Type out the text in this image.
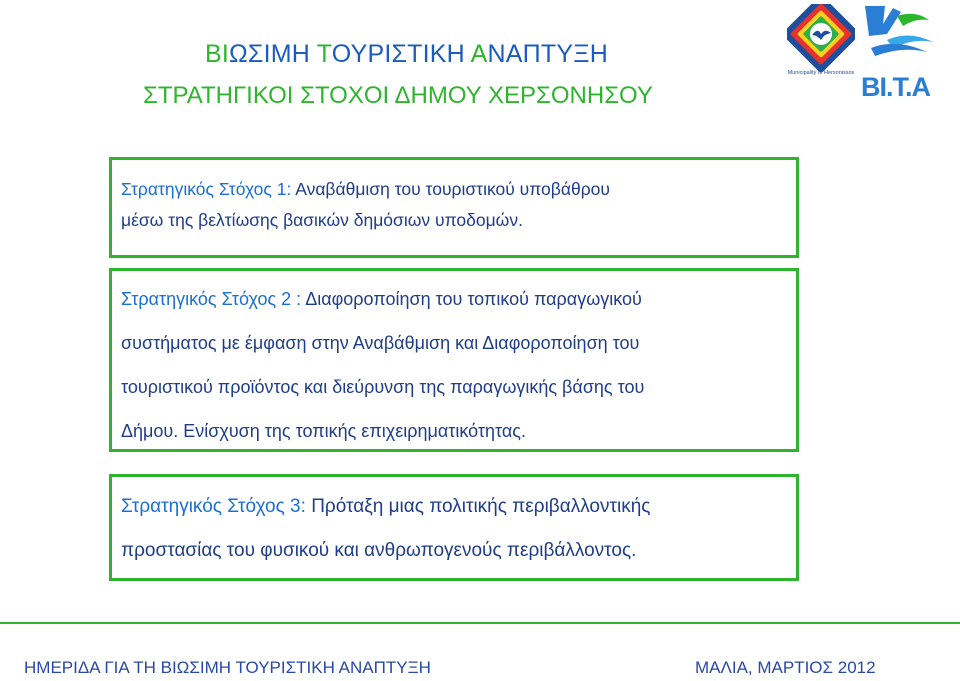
ΒΙΩΣΙΜΗ ΤΟΥΡΙΣΤΙΚΗ ΑΝΑΠΤΥΞΗ
ΣΤΡΑΤΗΓΙΚΟΙ ΣΤΟΧΟΙ ΔΗΜΟΥ ΧΕΡΣΟΝΗΣΟΥ
Municipality of Hersonissos BI.T.A
Στρατηγικός Στόχος 1: Αναβάθμιση του τουριστικού υποβάθρου
μέσω της βελτίωσης βασικών δημόσιων υποδομών.
Στρατηγικός Στόχος 2 : Διαφοροποίηση του τοπικού παραγωγικού
συστήματος με έμφαση στην Αναβάθμιση και Διαφοροποίηση του
τουριστικού προϊόντος και διεύρυνση της παραγωγικής βάσης του
Δήμου. Ενίσχυση της τοπικής επιχειρηματικότητας.
Στρατηγικός Στόχος 3: Πρόταξη μιας πολιτικής περιβαλλοντικής
προστασίας του φυσικού και ανθρωπογενούς περιβάλλοντος.
ΗΜΕΡΙΔΑ ΓΙΑ ΤΗ ΒΙΩΣΙΜΗ ΤΟΥΡΙΣΤΙΚΗ ΑΝΑΠΤΥΞΗ	ΜΑΛΙΑ, ΜΑΡΤΙΟΣ 2012
